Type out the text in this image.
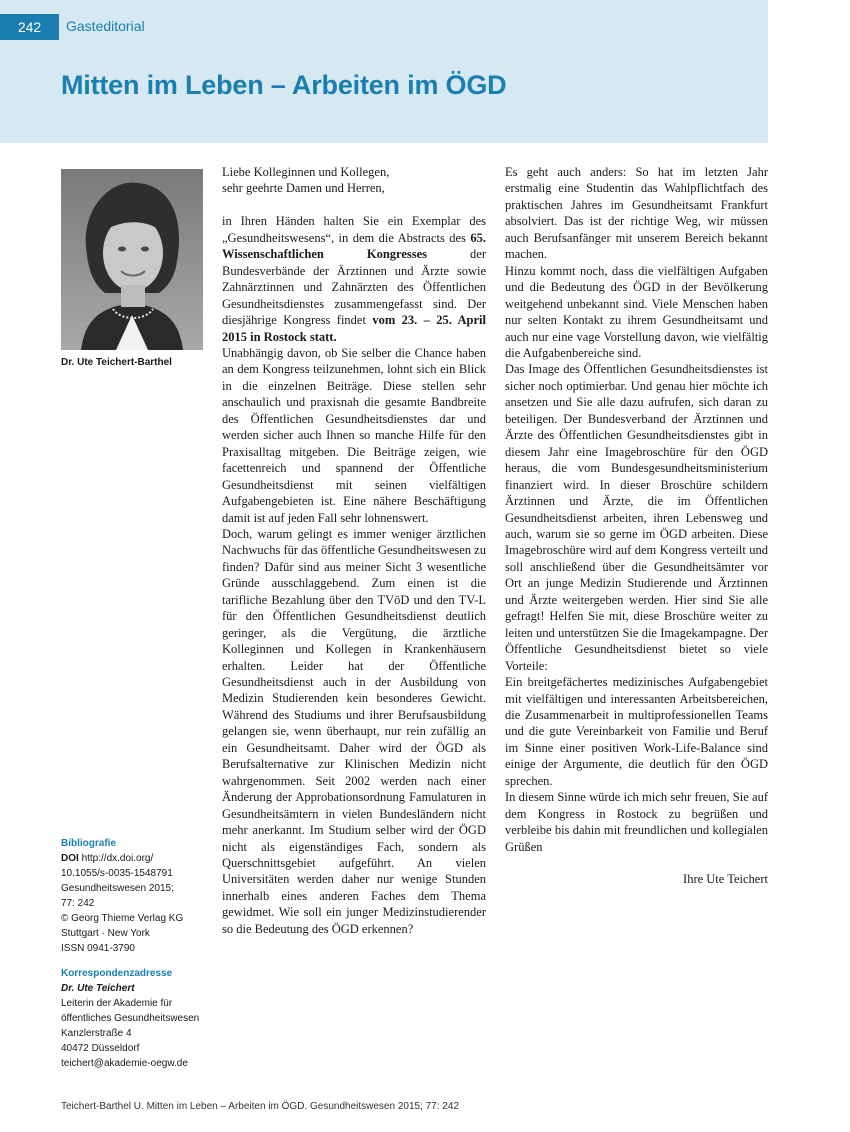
242	Gasteditorial
Mitten im Leben – Arbeiten im ÖGD
Dr. Ute Teichert-Barthel
Bibliografie
DOI http://dx.doi.org/
10.1055/s-0035-1548791
Gesundheitswesen 2015;
77: 242
© Georg Thieme Verlag KG
Stuttgart · New York
ISSN 0941-3790
Korrespondenzadresse
Dr. Ute Teichert
Leiterin der Akademie für
öffentliches Gesundheitswesen
Kanzlerstraße 4
40472 Düsseldorf
teichert@akademie-oegw.de

Liebe Kolleginnen und Kollegen,

sehr geehrte Damen und Herren,

in Ihren Händen halten Sie ein Exemplar des „Gesundheitswesens“, in dem die Abstracts des 65. Wissenschaftlichen Kongresses der Bundesverbände der Ärztinnen und Ärzte sowie Zahnärztinnen und Zahnärzten des Öffentlichen Gesundheitsdienstes zusammengefasst sind. Der diesjährige Kongress findet vom 23. – 25. April 2015 in Rostock statt.

Unabhängig davon, ob Sie selber die Chance haben an dem Kongress teilzunehmen, lohnt sich ein Blick in die einzelnen Beiträge. Diese stellen sehr anschaulich und praxisnah die gesamte Bandbreite des Öffentlichen Gesundheitsdienstes dar und werden sicher auch Ihnen so manche Hilfe für den Praxisalltag mitgeben. Die Beiträge zeigen, wie facettenreich und spannend der Öffentliche Gesundheitsdienst mit seinen vielfältigen Aufgabengebieten ist. Eine nähere Beschäftigung damit ist auf jeden Fall sehr lohnenswert.

Doch, warum gelingt es immer weniger ärztlichen Nachwuchs für das öffentliche Gesundheitswesen zu finden? Dafür sind aus meiner Sicht 3 wesentliche Gründe ausschlaggebend. Zum einen ist die tarifliche Bezahlung über den TVöD und den TV-L für den Öffentlichen Gesundheitsdienst deutlich geringer, als die Vergütung, die ärztliche Kolleginnen und Kollegen in Krankenhäusern erhalten. Leider hat der Öffentliche Gesundheitsdienst auch in der Ausbildung von Medizin Studierenden kein besonderes Gewicht. Während des Studiums und ihrer Berufsausbildung gelangen sie, wenn überhaupt, nur rein zufällig an ein Gesundheitsamt. Daher wird der ÖGD als Berufsalternative zur Klinischen Medizin nicht wahrgenommen. Seit 2002 werden nach einer Änderung der Approbationsordnung Famulaturen in Gesundheitsämtern in vielen Bundesländern nicht mehr anerkannt. Im Studium selber wird der ÖGD nicht als eigenständiges Fach, sondern als Querschnittsgebiet aufgeführt. An vielen Universitäten werden daher nur wenige Stunden innerhalb eines anderen Faches dem Thema gewidmet. Wie soll ein junger Medizinstudierender so die Bedeutung des ÖGD erkennen?

Es geht auch anders: So hat im letzten Jahr erstmalig eine Studentin das Wahlpflichtfach des praktischen Jahres im Gesundheitsamt Frankfurt absolviert. Das ist der richtige Weg, wir müssen auch Berufsanfänger mit unserem Bereich bekannt machen.

Hinzu kommt noch, dass die vielfältigen Aufgaben und die Bedeutung des ÖGD in der Bevölkerung weitgehend unbekannt sind. Viele Menschen haben nur selten Kontakt zu ihrem Gesundheitsamt und auch nur eine vage Vorstellung davon, wie vielfältig die Aufgabenbereiche sind.

Das Image des Öffentlichen Gesundheitsdienstes ist sicher noch optimierbar. Und genau hier möchte ich ansetzen und Sie alle dazu aufrufen, sich daran zu beteiligen. Der Bundesverband der Ärztinnen und Ärzte des Öffentlichen Gesundheitsdienstes gibt in diesem Jahr eine Imagebroschüre für den ÖGD heraus, die vom Bundesgesundheitsministerium finanziert wird. In dieser Broschüre schildern Ärztinnen und Ärzte, die im Öffentlichen Gesundheitsdienst arbeiten, ihren Lebensweg und auch, warum sie so gerne im ÖGD arbeiten. Diese Imagebroschüre wird auf dem Kongress verteilt und soll anschließend über die Gesundheitsämter vor Ort an junge Medizin Studierende und Ärztinnen und Ärzte weitergeben werden. Hier sind Sie alle gefragt! Helfen Sie mit, diese Broschüre weiter zu leiten und unterstützen Sie die Imagekampagne. Der Öffentliche Gesundheitsdienst bietet so viele Vorteile:

Ein breitgefächertes medizinisches Aufgabengebiet mit vielfältigen und interessanten Arbeitsbereichen, die Zusammenarbeit in multiprofessionellen Teams und die gute Vereinbarkeit von Familie und Beruf im Sinne einer positiven Work-Life-Balance sind einige der Argumente, die deutlich für den ÖGD sprechen.

In diesem Sinne würde ich mich sehr freuen, Sie auf dem Kongress in Rostock zu begrüßen und verbleibe bis dahin mit freundlichen und kollegialen Grüßen

Ihre Ute Teichert

Teichert-Barthel U. Mitten im Leben – Arbeiten im ÖGD. Gesundheitswesen 2015; 77: 242
